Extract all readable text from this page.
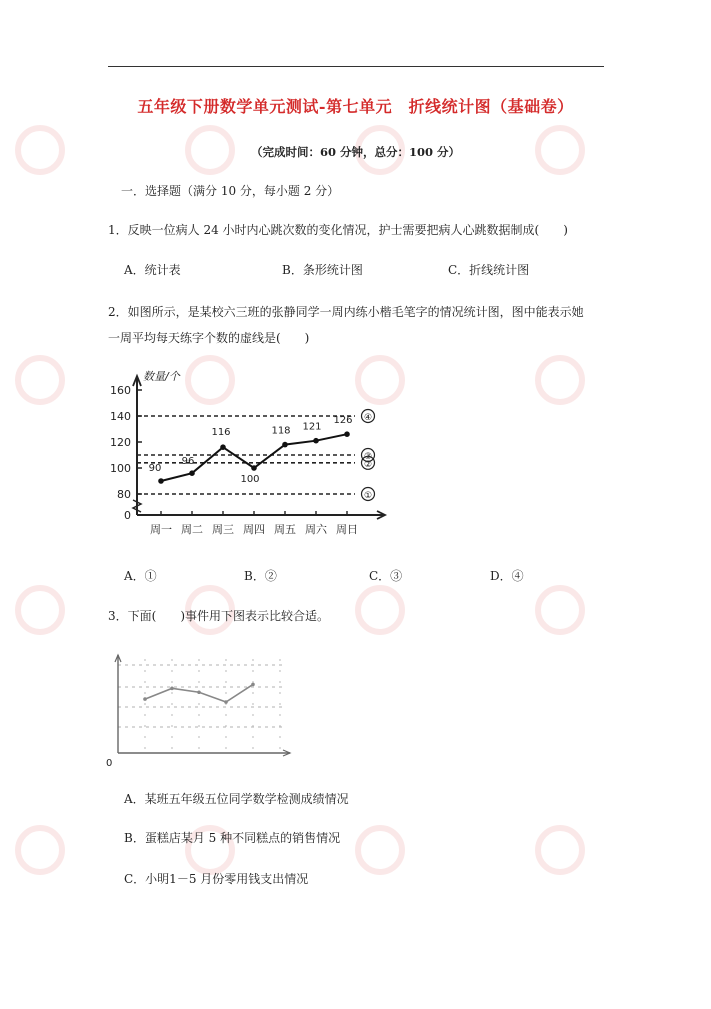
五年级下册数学单元测试-第七单元　折线统计图（基础卷）
（完成时间：60 分钟，总分：100 分）
一．选择题（满分 10 分，每小题 2 分）
1．反映一位病人 24 小时内心跳次数的变化情况，护士需要把病人心跳数据制成(　　)
A．统计表	B．条形统计图	C．折线统计图
2．如图所示，是某校六三班的张静同学一周内练小楷毛笔字的情况统计图，图中能表示她
一周平均每天练字个数的虚线是(　　)
0
80
100
120
140
160
①
②
③
④
90
96
116
100
118 121
126
周一 周二 周三 周四 周五 周六 周日
数量/个
A．①	B．②	C．③	D．④
3．下面(　　)事件用下图表示比较合适。
0
A．某班五年级五位同学数学检测成绩情况
B．蛋糕店某月 5 种不同糕点的销售情况
C．小明1－5 月份零用钱支出情况
